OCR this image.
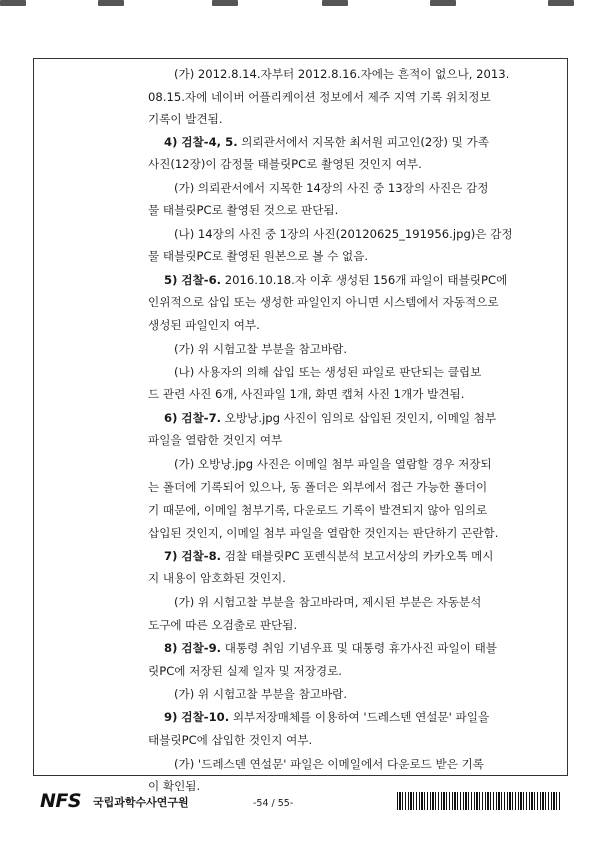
(가) 2012.8.14.자부터 2012.8.16.자에는 흔적이 없으나, 2013.
08.15.자에 네이버 어플리케이션 정보에서 제주 지역 기록 위치정보
기록이 발견됨.
4) 검찰-4, 5. 의뢰관서에서 지목한 최서원 피고인(2장) 및 가족
사진(12장)이 감정물 태블릿PC로 촬영된 것인지 여부.
(가) 의뢰관서에서 지목한 14장의 사진 중 13장의 사진은 감정
물 태블릿PC로 촬영된 것으로 판단됨.
(나) 14장의 사진 중 1장의 사진(20120625_191956.jpg)은 감정
물 태블릿PC로 촬영된 원본으로 볼 수 없음.
5) 검찰-6. 2016.10.18.자 이후 생성된 156개 파일이 태블릿PC에
인위적으로 삽입 또는 생성한 파일인지 아니면 시스템에서 자동적으로
생성된 파일인지 여부.
(가) 위 시험고찰 부분을 참고바람.
(나) 사용자의 의해 삽입 또는 생성된 파일로 판단되는 클립보
드 관련 사진 6개, 사진파일 1개, 화면 캡쳐 사진 1개가 발견됨.
6) 검찰-7. 오방낭.jpg 사진이 임의로 삽입된 것인지, 이메일 첨부
파일을 열람한 것인지 여부
(가) 오방낭.jpg 사진은 이메일 첨부 파일을 열람할 경우 저장되
는 폴더에 기록되어 있으나, 동 폴더은 외부에서 접근 가능한 폴더이
기 때문에, 이메일 첨부기록, 다운로드 기록이 발견되지 않아 임의로
삽입된 것인지, 이메일 첨부 파일을 열람한 것인지는 판단하기 곤란함.
7) 검찰-8. 검찰 태블릿PC 포렌식분석 보고서상의 카카오톡 메시
지 내용이 암호화된 것인지.
(가) 위 시험고찰 부분을 참고바라며, 제시된 부분은 자동분석
도구에 따른 오검출로 판단됨.
8) 검찰-9. 대통령 취임 기념우표 및 대통령 휴가사진 파일이 태블
릿PC에 저장된 실제 일자 및 저장경로.
(가) 위 시험고찰 부분을 참고바람.
9) 검찰-10. 외부저장매체를 이용하여 '드레스덴 연설문' 파일을
태블릿PC에 삽입한 것인지 여부.
(가) '드레스덴 연설문' 파일은 이메일에서 다운로드 받은 기록
이 확인됨.
NFS 국립과학수사연구원	-54 / 55-
